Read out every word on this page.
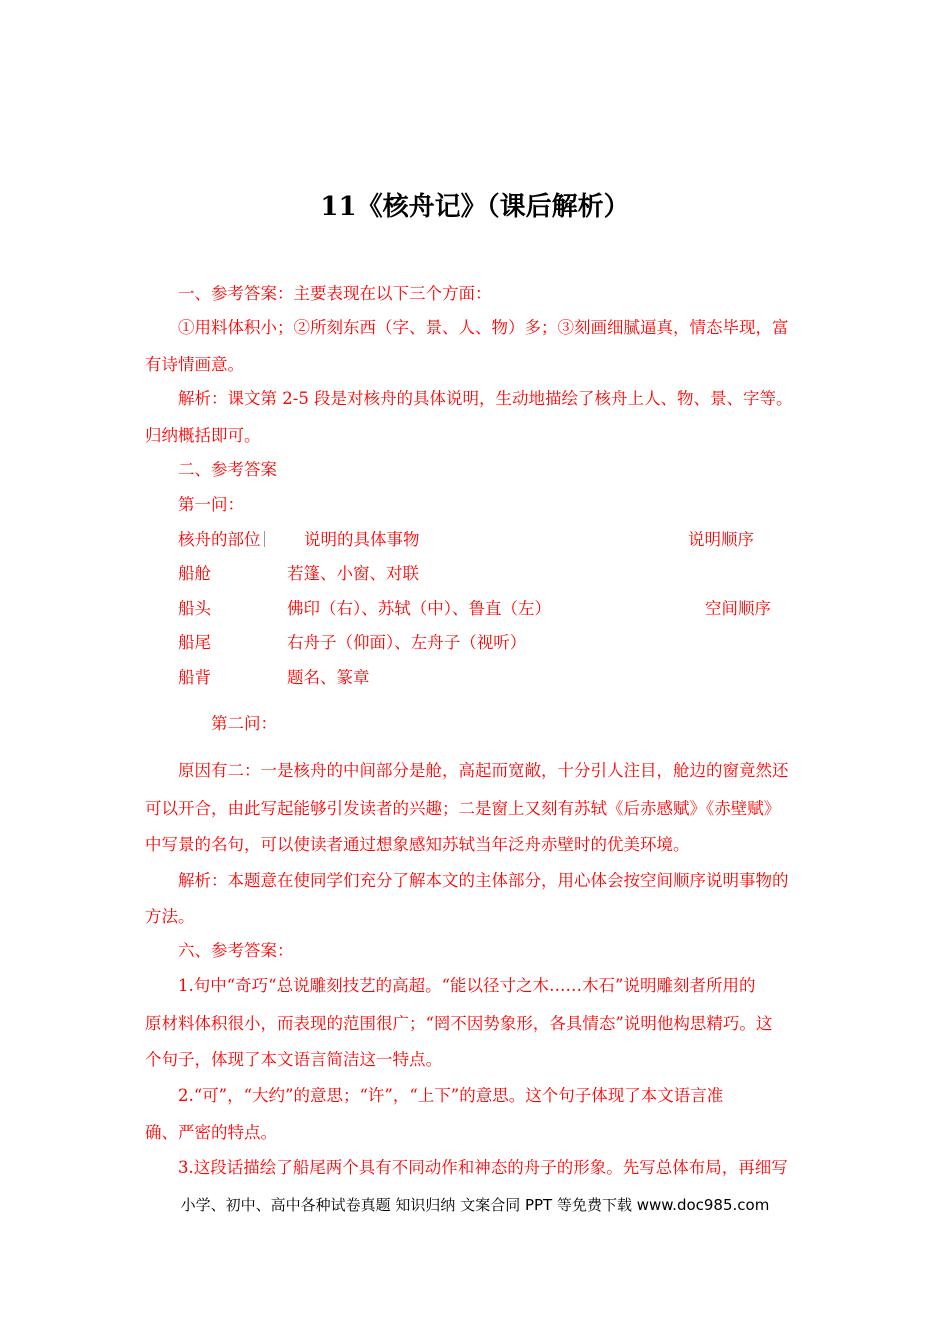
11《核舟记》（课后解析）
一、参考答案：主要表现在以下三个方面：
①用料体积小；②所刻东西（字、景、人、物）多；③刻画细腻逼真，情态毕现，富
有诗情画意。
解析：课文第 2-5 段是对核舟的具体说明，生动地描绘了核舟上人、物、景、字等。
归纳概括即可。
二、参考答案
第一问：
核舟的部位	说明的具体事物	说明顺序
船舱	若篷、小窗、对联
船头	佛印（右）、苏轼（中）、鲁直（左）	空间顺序
船尾	右舟子（仰面）、左舟子（视听）
船背	题名、篆章
第二问：
原因有二：一是核舟的中间部分是舱，高起而宽敞，十分引人注目，舱边的窗竟然还
可以开合，由此写起能够引发读者的兴趣；二是窗上又刻有苏轼《后赤感赋》《赤壁赋》
中写景的名句，可以使读者通过想象感知苏轼当年泛舟赤壁时的优美环境。
解析：本题意在使同学们充分了解本文的主体部分，用心体会按空间顺序说明事物的
方法。
六、参考答案：
1.句中“奇巧“总说雕刻技艺的高超。“能以径寸之木……木石”说明雕刻者所用的
原材料体积很小，而表现的范围很广；“罔不因势象形，各具情态”说明他构思精巧。这
个句子，体现了本文语言简洁这一特点。
2.“可”，“大约”的意思；“许”，“上下”的意思。这个句子体现了本文语言准
确、严密的特点。
3.这段话描绘了船尾两个具有不同动作和神态的舟子的形象。先写总体布局，再细写
小学、初中、高中各种试卷真题 知识归纳 文案合同 PPT 等免费下载 www.doc985.com
